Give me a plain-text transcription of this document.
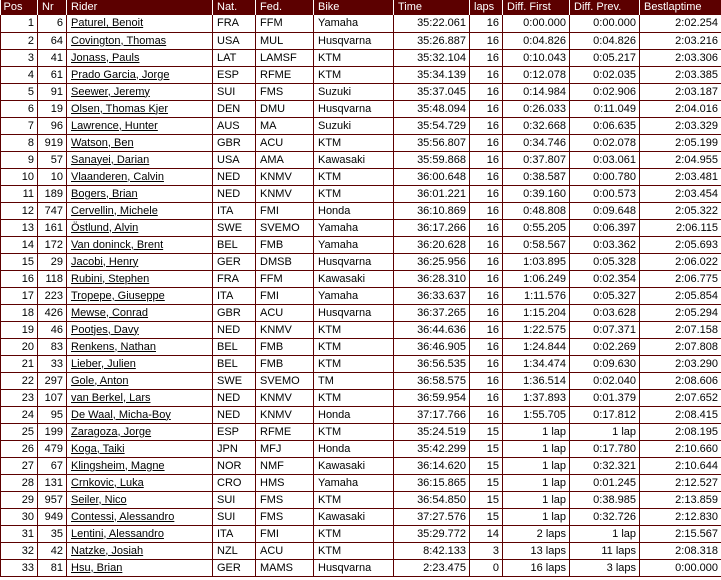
Pos	Nr	Rider	Nat.	Fed.	Bike	Time	laps	Diff. First	Diff. Prev.	Bestlaptime
1	6	Paturel, Benoit	FRA	FFM	Yamaha	35:22.061	16	0:00.000	0:00.000	2:02.254
2	64	Covington, Thomas	USA	MUL	Husqvarna	35:26.887	16	0:04.826	0:04.826	2:03.216
3	41	Jonass, Pauls	LAT	LAMSF	KTM	35:32.104	16	0:10.043	0:05.217	2:03.306
4	61	Prado Garcia, Jorge	ESP	RFME	KTM	35:34.139	16	0:12.078	0:02.035	2:03.385
5	91	Seewer, Jeremy	SUI	FMS	Suzuki	35:37.045	16	0:14.984	0:02.906	2:03.187
6	19	Olsen, Thomas Kjer	DEN	DMU	Husqvarna	35:48.094	16	0:26.033	0:11.049	2:04.016
7	96	Lawrence, Hunter	AUS	MA	Suzuki	35:54.729	16	0:32.668	0:06.635	2:03.329
8	919	Watson, Ben	GBR	ACU	KTM	35:56.807	16	0:34.746	0:02.078	2:05.199
9	57	Sanayei, Darian	USA	AMA	Kawasaki	35:59.868	16	0:37.807	0:03.061	2:04.955
10	10	Vlaanderen, Calvin	NED	KNMV	KTM	36:00.648	16	0:38.587	0:00.780	2:03.481
11	189	Bogers, Brian	NED	KNMV	KTM	36:01.221	16	0:39.160	0:00.573	2:03.454
12	747	Cervellin, Michele	ITA	FMI	Honda	36:10.869	16	0:48.808	0:09.648	2:05.322
13	161	Östlund, Alvin	SWE	SVEMO	Yamaha	36:17.266	16	0:55.205	0:06.397	2:06.115
14	172	Van doninck, Brent	BEL	FMB	Yamaha	36:20.628	16	0:58.567	0:03.362	2:05.693
15	29	Jacobi, Henry	GER	DMSB	Husqvarna	36:25.956	16	1:03.895	0:05.328	2:06.022
16	118	Rubini, Stephen	FRA	FFM	Kawasaki	36:28.310	16	1:06.249	0:02.354	2:06.775
17	223	Tropepe, Giuseppe	ITA	FMI	Yamaha	36:33.637	16	1:11.576	0:05.327	2:05.854
18	426	Mewse, Conrad	GBR	ACU	Husqvarna	36:37.265	16	1:15.204	0:03.628	2:05.294
19	46	Pootjes, Davy	NED	KNMV	KTM	36:44.636	16	1:22.575	0:07.371	2:07.158
20	83	Renkens, Nathan	BEL	FMB	KTM	36:46.905	16	1:24.844	0:02.269	2:07.808
21	33	Lieber, Julien	BEL	FMB	KTM	36:56.535	16	1:34.474	0:09.630	2:03.290
22	297	Gole, Anton	SWE	SVEMO	TM	36:58.575	16	1:36.514	0:02.040	2:08.606
23	107	van Berkel, Lars	NED	KNMV	KTM	36:59.954	16	1:37.893	0:01.379	2:07.652
24	95	De Waal, Micha-Boy	NED	KNMV	Honda	37:17.766	16	1:55.705	0:17.812	2:08.415
25	199	Zaragoza, Jorge	ESP	RFME	KTM	35:24.519	15	1 lap	1 lap	2:08.195
26	479	Koga, Taiki	JPN	MFJ	Honda	35:42.299	15	1 lap	0:17.780	2:10.660
27	67	Klingsheim, Magne	NOR	NMF	Kawasaki	36:14.620	15	1 lap	0:32.321	2:10.644
28	131	Crnkovic, Luka	CRO	HMS	Yamaha	36:15.865	15	1 lap	0:01.245	2:12.527
29	957	Seiler, Nico	SUI	FMS	KTM	36:54.850	15	1 lap	0:38.985	2:13.859
30	949	Contessi, Alessandro	SUI	FMS	Kawasaki	37:27.576	15	1 lap	0:32.726	2:12.830
31	35	Lentini, Alessandro	ITA	FMI	KTM	35:29.772	14	2 laps	1 lap	2:15.567
32	42	Natzke, Josiah	NZL	ACU	KTM	8:42.133	3	13 laps	11 laps	2:08.318
33	81	Hsu, Brian	GER	MAMS	Husqvarna	2:23.475	0	16 laps	3 laps	0:00.000
